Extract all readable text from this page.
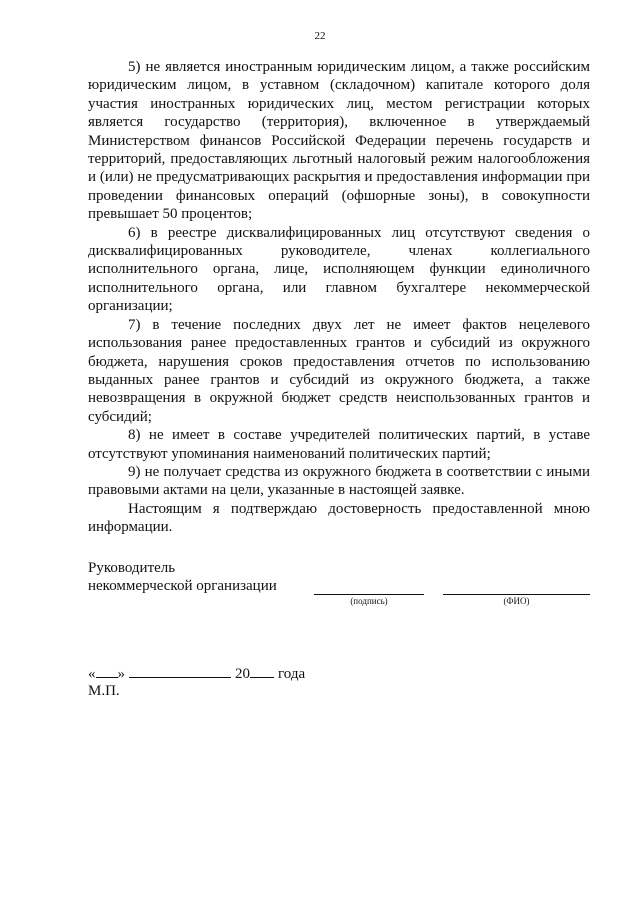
22

5) не является иностранным юридическим лицом, а также российским юридическим лицом, в уставном (складочном) капитале которого доля участия иностранных юридических лиц, местом регистрации которых является государство (территория), включенное в утверждаемый Министерством финансов Российской Федерации перечень государств и территорий, предоставляющих льготный налоговый режим налогообложения и (или) не предусматривающих раскрытия и предоставления информации при проведении финансовых операций (офшорные зоны), в совокупности превышает 50 процентов;

6) в реестре дисквалифицированных лиц отсутствуют сведения о дисквалифицированных руководителе, членах коллегиального исполнительного органа, лице, исполняющем функции единоличного исполнительного органа, или главном бухгалтере некоммерческой организации;

7) в течение последних двух лет не имеет фактов нецелевого использования ранее предоставленных грантов и субсидий из окружного бюджета, нарушения сроков предоставления отчетов по использованию выданных ранее грантов и субсидий из окружного бюджета, а также невозвращения в окружной бюджет средств неиспользованных грантов и субсидий;

8) не имеет в составе учредителей политических партий, в уставе отсутствуют упоминания наименований политических партий;

9) не получает средства из окружного бюджета в соответствии с иными правовыми актами на цели, указанные в настоящей заявке.

Настоящим я подтверждаю достоверность предоставленной мною информации.

Руководитель
некоммерческой организации
(подпись)	(ФИО)
« »	20 года
М.П.
